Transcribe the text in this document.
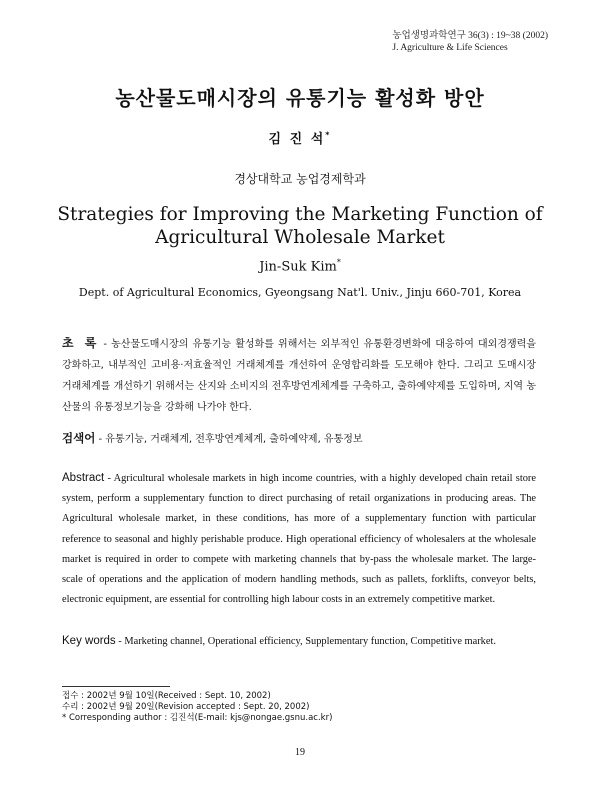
농업생명과학연구 36(3) : 19~38 (2002)
J. Agriculture & Life Sciences
농산물도매시장의 유통기능 활성화 방안
김 진 석*
경상대학교 농업경제학과
Strategies for Improving the Marketing Function of
Agricultural Wholesale Market
Jin-Suk Kim*
Dept. of Agricultural Economics, Gyeongsang Nat'l. Univ., Jinju 660-701, Korea
초 록 - 농산물도매시장의 유통기능 활성화를 위해서는 외부적인 유통환경변화에 대응하여 대외경쟁력을 강화하고, 내부적인 고비용·저효율적인 거래체계를 개선하여 운영합리화를 도모해야 한다. 그리고 도매시장 거래체계를 개선하기 위해서는 산지와 소비지의 전후방연계체계를 구축하고, 출하예약제를 도입하며, 지역 농산물의 유통정보기능을 강화해 나가야 한다.
검색어 - 유통기능, 거래체계, 전후방연계체계, 출하예약제, 유통정보
Abstract - Agricultural wholesale markets in high income countries, with a highly developed chain retail store system, perform a supplementary function to direct purchasing of retail organizations in producing areas. The Agricultural wholesale market, in these conditions, has more of a supplementary function with particular reference to seasonal and highly perishable produce. High operational efficiency of wholesalers at the wholesale market is required in order to compete with marketing channels that by-pass the wholesale market. The large-scale of operations and the application of modern handling methods, such as pallets, forklifts, conveyor belts, electronic equipment, are essential for controlling high labour costs in an extremely competitive market.
Key words - Marketing channel, Operational efficiency, Supplementary function, Competitive market.
접수 : 2002년 9월 10일(Received : Sept. 10, 2002)
수리 : 2002년 9월 20일(Revision accepted : Sept. 20, 2002)
* Corresponding author : 김진석(E-mail: kjs@nongae.gsnu.ac.kr)
19
